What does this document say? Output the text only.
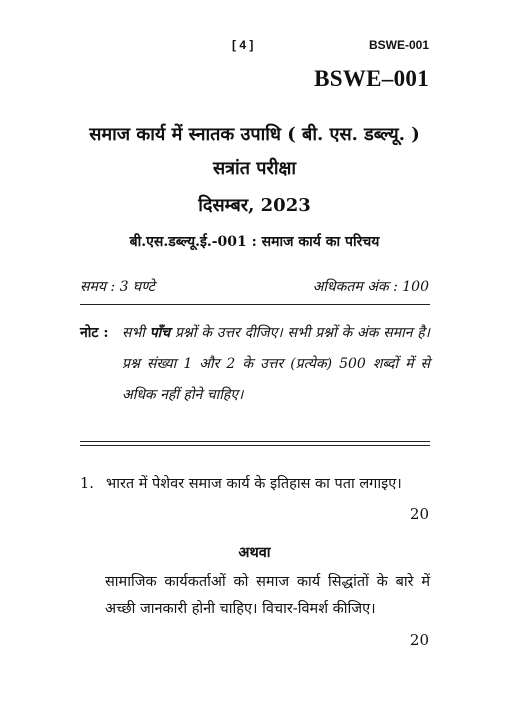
[ 4 ]	BSWE-001
BSWE–001
समाज कार्य में स्नातक उपाधि ( बी. एस. डब्ल्यू. )
सत्रांत परीक्षा
दिसम्बर, 2023
बी.एस.डब्ल्यू.ई.-001 : समाज कार्य का परिचय
समय : 3 घण्टे	अधिकतम अंक : 100
नोट : सभी पाँच प्रश्नों के उत्तर दीजिए। सभी प्रश्नों के अंक समान है। प्रश्न संख्या 1 और 2 के उत्तर (प्रत्येक) 500 शब्दों में से अधिक नहीं होने चाहिए।
1. भारत में पेशेवर समाज कार्य के इतिहास का पता लगाइए।
20
अथवा
सामाजिक कार्यकर्ताओं को समाज कार्य सिद्धांतों के बारे में अच्छी जानकारी होनी चाहिए। विचार-विमर्श कीजिए।
20
